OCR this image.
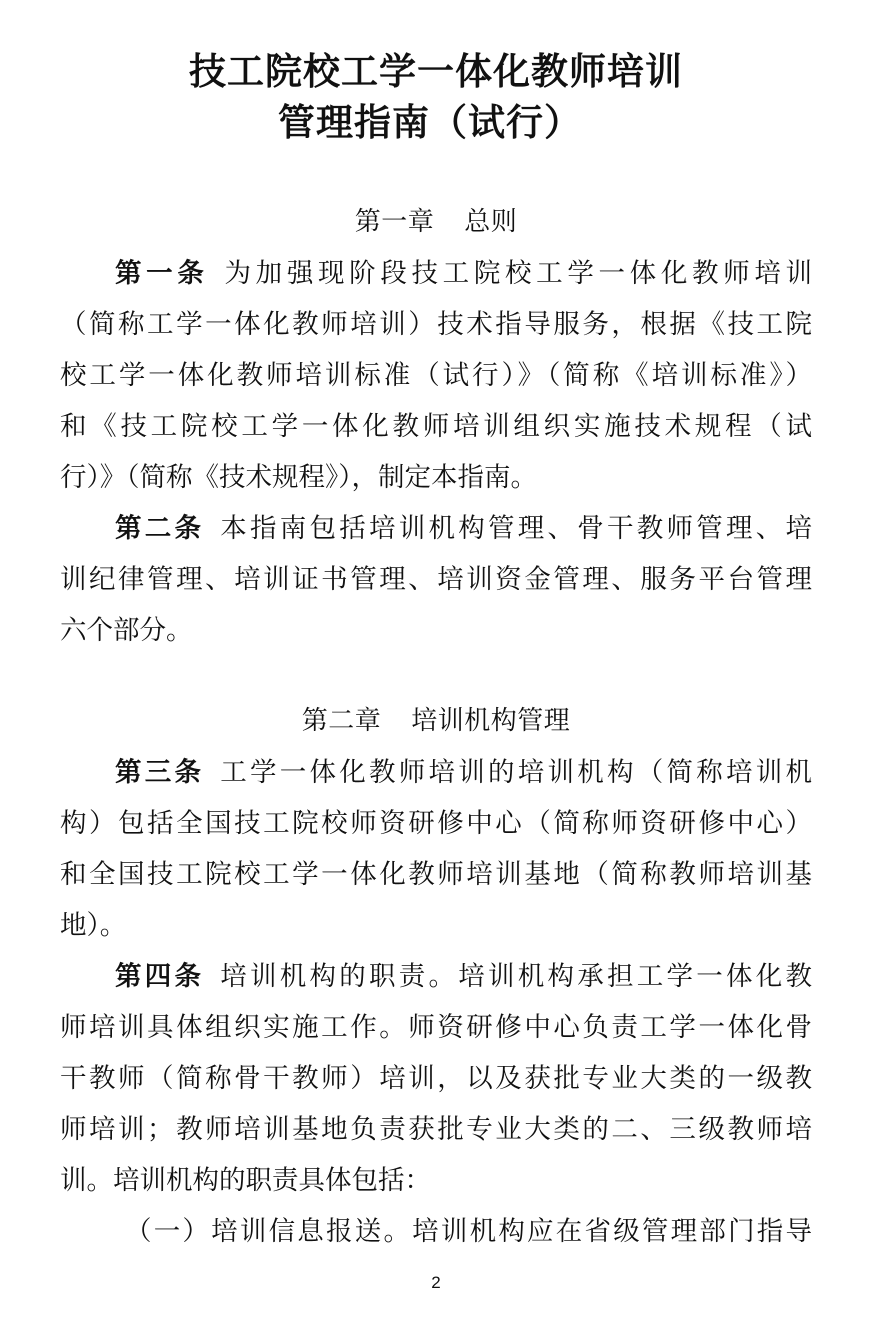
技工院校工学一体化教师培训
管理指南（试行）
第一章 总则
第一条 为加强现阶段技工院校工学一体化教师培训
（简称工学一体化教师培训）技术指导服务，根据《技工院
校工学一体化教师培训标准（试行）》（简称《培训标准》）
和《技工院校工学一体化教师培训组织实施技术规程（试
行）》（简称《技术规程》），制定本指南。
第二条 本指南包括培训机构管理、骨干教师管理、培
训纪律管理、培训证书管理、培训资金管理、服务平台管理
六个部分。
第二章 培训机构管理
第三条 工学一体化教师培训的培训机构（简称培训机
构）包括全国技工院校师资研修中心（简称师资研修中心）
和全国技工院校工学一体化教师培训基地（简称教师培训基
地）。
第四条 培训机构的职责。培训机构承担工学一体化教
师培训具体组织实施工作。师资研修中心负责工学一体化骨
干教师（简称骨干教师）培训，以及获批专业大类的一级教
师培训；教师培训基地负责获批专业大类的二、三级教师培
训。培训机构的职责具体包括：
（一）培训信息报送。培训机构应在省级管理部门指导
2
